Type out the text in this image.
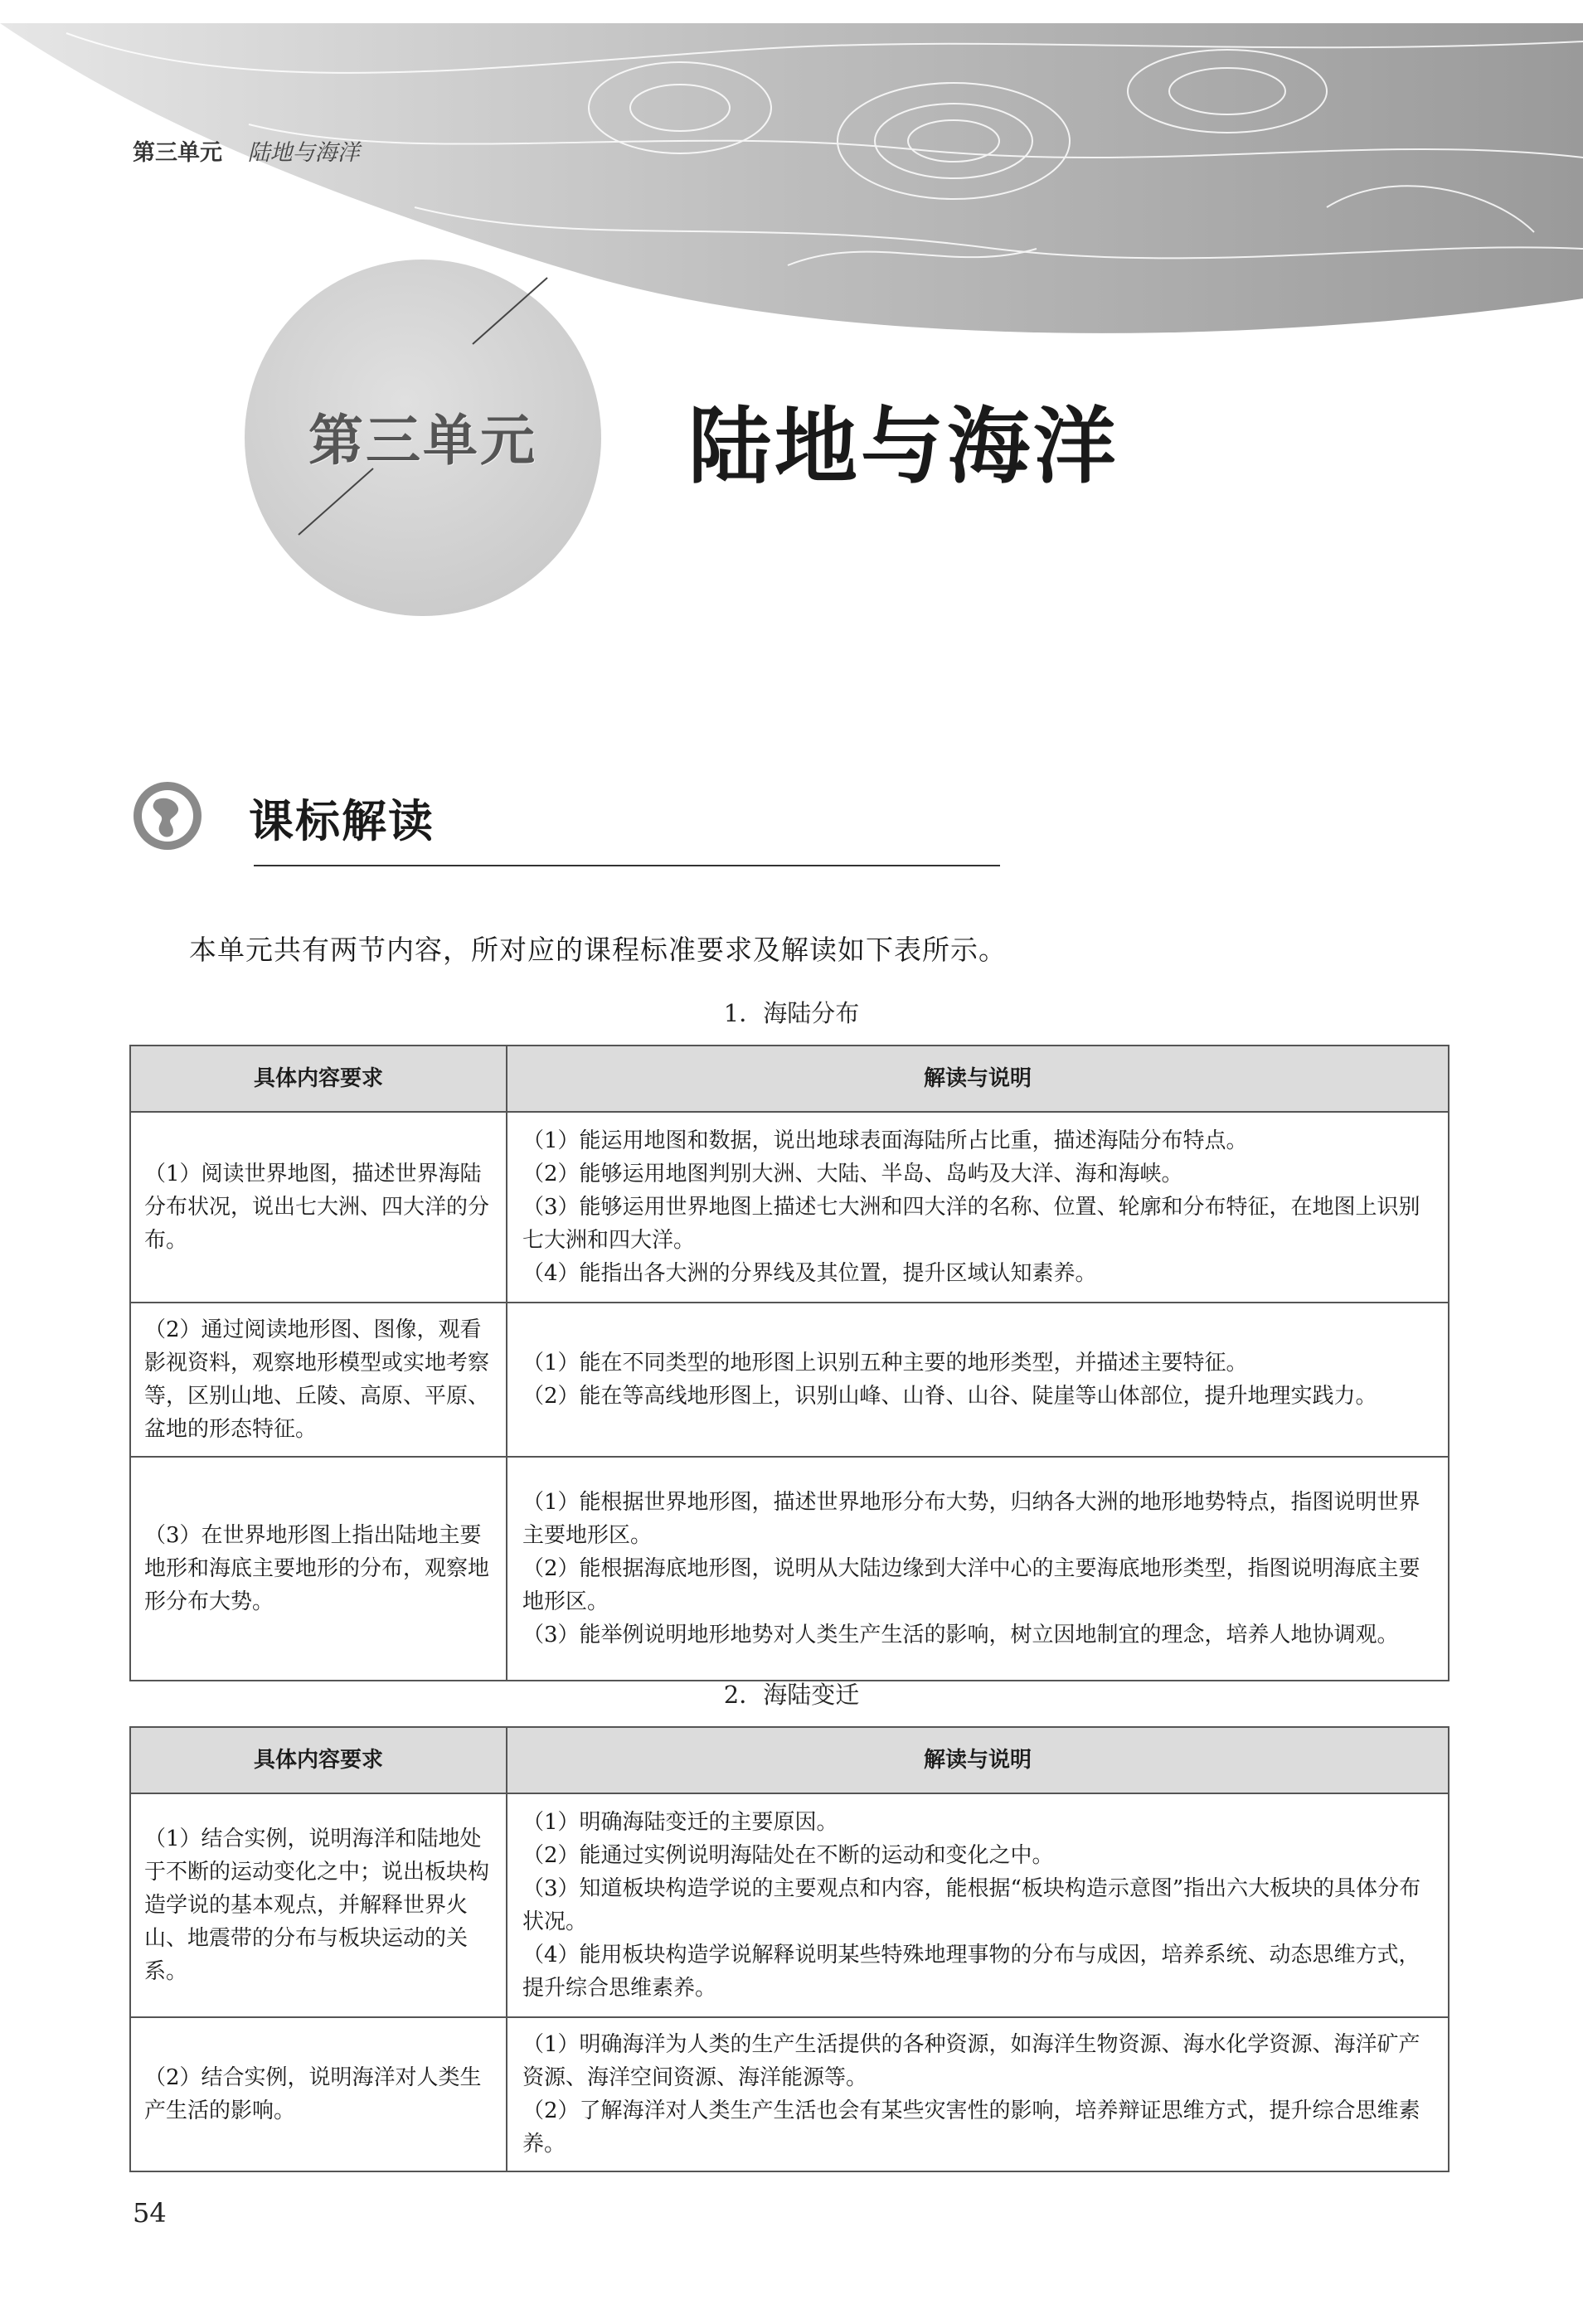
第三单元 陆地与海洋
第三单元 陆地与海洋
课标解读
本单元共有两节内容，所对应的课程标准要求及解读如下表所示。
1．海陆分布
具体内容要求	解读与说明
（1）阅读世界地图，描述世界海陆分布状况，说出七大洲、四大洋的分布。	（1）能运用地图和数据，说出地球表面海陆所占比重，描述海陆分布特点。
（2）能够运用地图判别大洲、大陆、半岛、岛屿及大洋、海和海峡。
（3）能够运用世界地图上描述七大洲和四大洋的名称、位置、轮廓和分布特征，在地图上识别七大洲和四大洋。
（4）能指出各大洲的分界线及其位置，提升区域认知素养。

（2）通过阅读地形图、图像，观看影视资料，观察地形模型或实地考察等，区别山地、丘陵、高原、平原、盆地的形态特征。	（1）能在不同类型的地形图上识别五种主要的地形类型，并描述主要特征。
（2）能在等高线地形图上，识别山峰、山脊、山谷、陡崖等山体部位，提升地理实践力。

（3）在世界地形图上指出陆地主要地形和海底主要地形的分布，观察地形分布大势。	（1）能根据世界地形图，描述世界地形分布大势，归纳各大洲的地形地势特点，指图说明世界主要地形区。
（2）能根据海底地形图，说明从大陆边缘到大洋中心的主要海底地形类型，指图说明海底主要地形区。
（3）能举例说明地形地势对人类生产生活的影响，树立因地制宜的理念，培养人地协调观。
2．海陆变迁
具体内容要求	解读与说明
（1）结合实例，说明海洋和陆地处于不断的运动变化之中；说出板块构造学说的基本观点，并解释世界火山、地震带的分布与板块运动的关系。	（1）明确海陆变迁的主要原因。
（2）能通过实例说明海陆处在不断的运动和变化之中。
（3）知道板块构造学说的主要观点和内容，能根据“板块构造示意图”指出六大板块的具体分布状况。
（4）能用板块构造学说解释说明某些特殊地理事物的分布与成因，培养系统、动态思维方式，提升综合思维素养。

（2）结合实例，说明海洋对人类生产生活的影响。	（1）明确海洋为人类的生产生活提供的各种资源，如海洋生物资源、海水化学资源、海洋矿产资源、海洋空间资源、海洋能源等。
（2）了解海洋对人类生产生活也会有某些灾害性的影响，培养辩证思维方式，提升综合思维素养。
54
